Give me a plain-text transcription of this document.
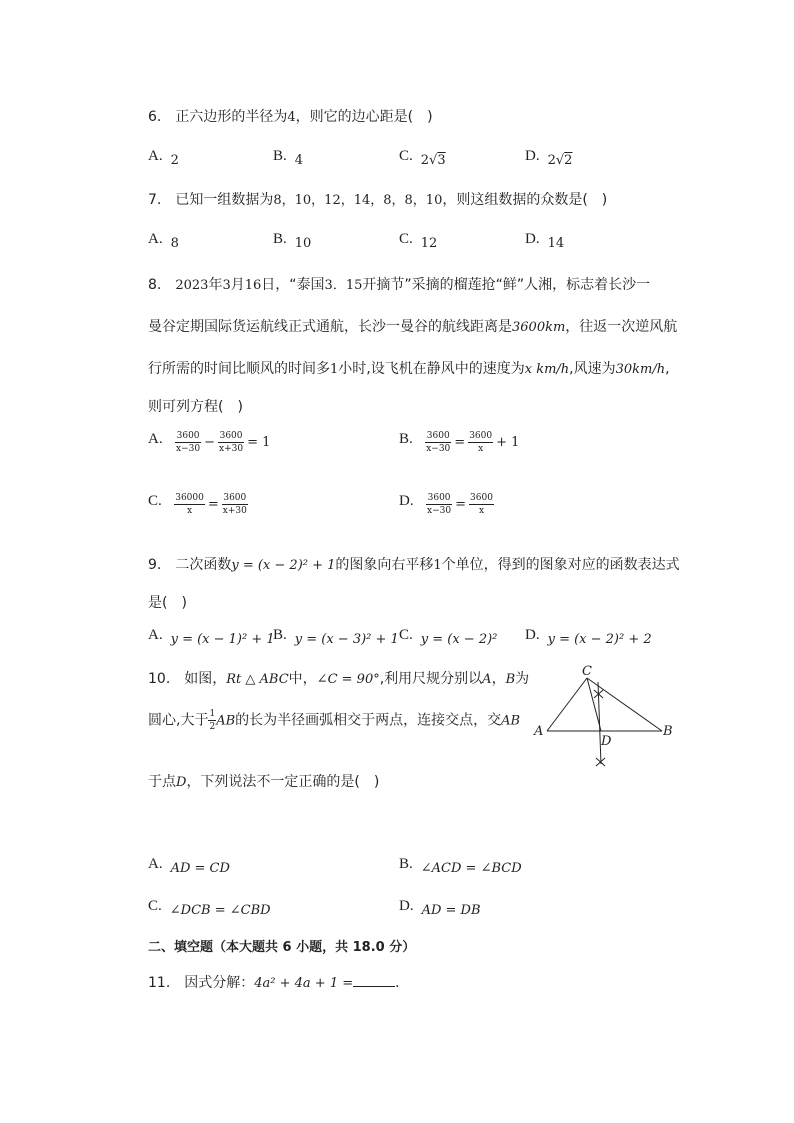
6.　正六边形的半径为4，则它的边心距是(　)
A. 2	B. 4	C. 2√3	D. 2√2
7.　已知一组数据为8，10，12，14，8，8，10，则这组数据的众数是(　)
A. 8	B. 10	C. 12	D. 14
8.　2023年3月16日，“泰国3．15开摘节”采摘的榴莲抢“鲜”人湘，标志着长沙一
曼谷定期国际货运航线正式通航，长沙一曼谷的航线距离是3600km，往返一次逆风航
行所需的时间比顺风的时间多1小时,设飞机在静风中的速度为x km/h,风速为30km/h,
则可列方程(　)
A. $\frac{3600}{x-30} - \frac{3600}{x+30} = 1$	B. $\frac{3600}{x-30} = \frac{3600}{x} + 1$
C. $\frac{36000}{x} = \frac{3600}{x+30}$	D. $\frac{3600}{x-30} = \frac{3600}{x}$
9.　二次函数y = (x − 2)² + 1的图象向右平移1个单位，得到的图象对应的函数表达式
是(　)
A. y = (x − 1)² + 1
B. y = (x − 3)² + 1 C. y = (x − 2)² D. y = (x − 2)² + 2
10.　如图，Rt △ ABC中，∠C = 90°,利用尺规分别以A，B为
圆心,大于 $\frac{1}{2}$ AB的长为半径画弧相交于两点，连接交点，交AB
于点D，下列说法不一定正确的是(　)
C
A	B
D
A. AD = CD	B. ∠ACD = ∠BCD
C. ∠DCB = ∠CBD	D. AD = DB
二、填空题（本大题共 6 小题，共 18.0 分）
11.　因式分解：4a² + 4a + 1 =	.
